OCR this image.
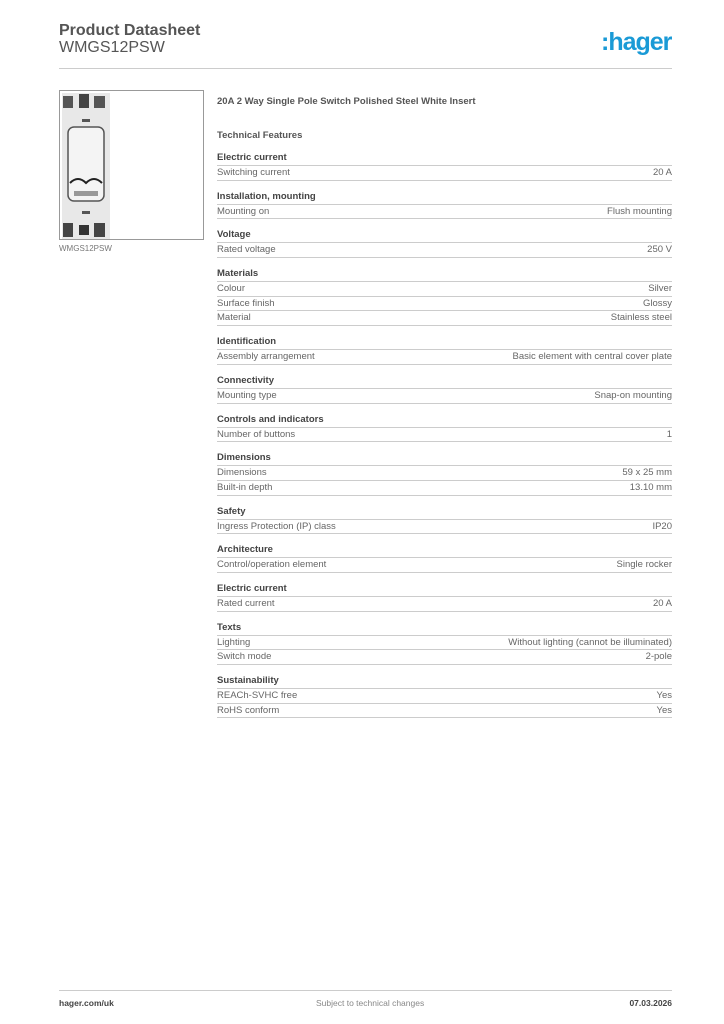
Product Datasheet
WMGS12PSW	:hager
WMGS12PSW
20A 2 Way Single Pole Switch Polished Steel White Insert
Technical Features
Electric current
Switching current	20 A
Installation, mounting
Mounting on	Flush mounting
Voltage
Rated voltage	250 V
Materials
Colour	Silver
Surface finish	Glossy
Material	Stainless steel
Identification
Assembly arrangement	Basic element with central cover plate
Connectivity
Mounting type	Snap-on mounting
Controls and indicators
Number of buttons	1
Dimensions
Dimensions	59 x 25 mm
Built-in depth	13.10 mm
Safety
Ingress Protection (IP) class	IP20
Architecture
Control/operation element	Single rocker
Electric current
Rated current	20 A
Texts
Lighting	Without lighting (cannot be illuminated)
Switch mode	2-pole
Sustainability
REACh-SVHC free	Yes
RoHS conform	Yes
hager.com/uk	Subject to technical changes	07.03.2026
